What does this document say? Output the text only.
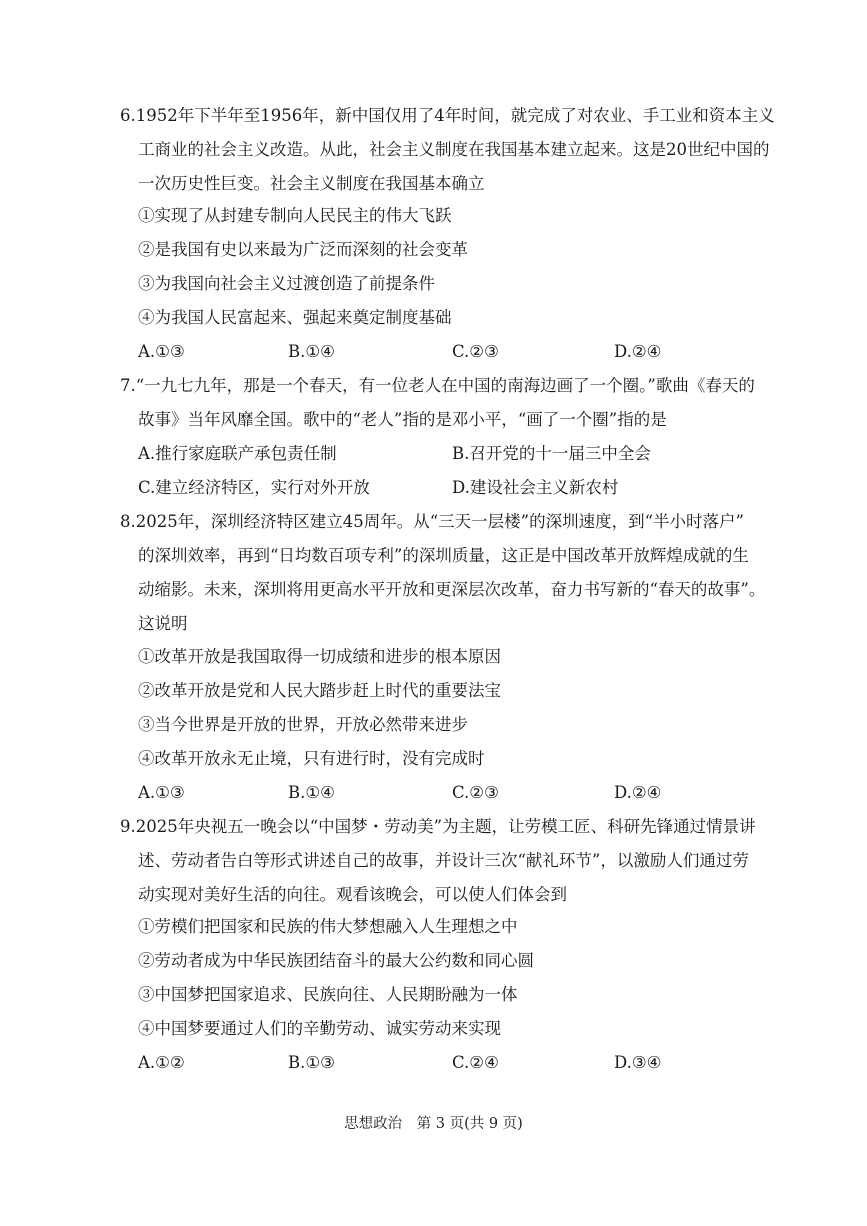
6.1952年下半年至1956年，新中国仅用了4年时间，就完成了对农业、手工业和资本主义
工商业的社会主义改造。从此，社会主义制度在我国基本建立起来。这是20世纪中国的
一次历史性巨变。社会主义制度在我国基本确立
①实现了从封建专制向人民民主的伟大飞跃
②是我国有史以来最为广泛而深刻的社会变革
③为我国向社会主义过渡创造了前提条件
④为我国人民富起来、强起来奠定制度基础
A.①③	B.①④	C.②③	D.②④
7.“一九七九年，那是一个春天，有一位老人在中国的南海边画了一个圈。”歌曲《春天的
故事》当年风靡全国。歌中的“老人”指的是邓小平，“画了一个圈”指的是
A.推行家庭联产承包责任制	B.召开党的十一届三中全会
C.建立经济特区，实行对外开放	D.建设社会主义新农村
8.2025年，深圳经济特区建立45周年。从“三天一层楼”的深圳速度，到“半小时落户”
的深圳效率，再到“日均数百项专利”的深圳质量，这正是中国改革开放辉煌成就的生
动缩影。未来，深圳将用更高水平开放和更深层次改革，奋力书写新的“春天的故事”。
这说明
①改革开放是我国取得一切成绩和进步的根本原因
②改革开放是党和人民大踏步赶上时代的重要法宝
③当今世界是开放的世界，开放必然带来进步
④改革开放永无止境，只有进行时，没有完成时
A.①③	B.①④	C.②③	D.②④
9.2025年央视五一晚会以“中国梦・劳动美”为主题，让劳模工匠、科研先锋通过情景讲
述、劳动者告白等形式讲述自己的故事，并设计三次“献礼环节”，以激励人们通过劳
动实现对美好生活的向往。观看该晚会，可以使人们体会到
①劳模们把国家和民族的伟大梦想融入人生理想之中
②劳动者成为中华民族团结奋斗的最大公约数和同心圆
③中国梦把国家追求、民族向往、人民期盼融为一体
④中国梦要通过人们的辛勤劳动、诚实劳动来实现
A.①②	B.①③	C.②④	D.③④
思想政治　第 3 页(共 9 页)
